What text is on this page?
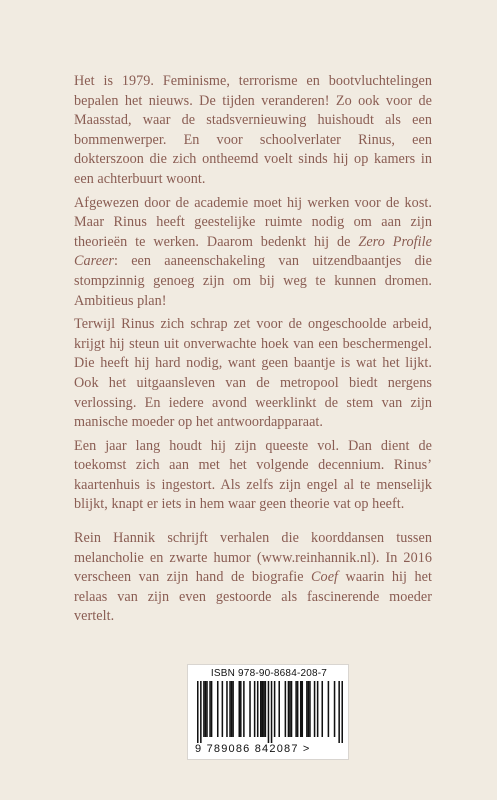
Het is 1979. Feminisme, terrorisme en bootvluchtelingen bepalen het nieuws. De tijden veranderen! Zo ook voor de Maasstad, waar de stadsvernieuwing huishoudt als een bommenwerper. En voor schoolverlater Rinus, een dokterszoon die zich ontheemd voelt sinds hij op kamers in een achterbuurt woont.

Afgewezen door de academie moet hij werken voor de kost. Maar Rinus heeft geestelijke ruimte nodig om aan zijn theorieën te werken. Daarom bedenkt hij de Zero Profile Career: een aaneenschakeling van uitzendbaantjes die stompzinnig genoeg zijn om bij weg te kunnen dromen. Ambitieus plan!

Terwijl Rinus zich schrap zet voor de ongeschoolde arbeid, krijgt hij steun uit onverwachte hoek van een beschermengel. Die heeft hij hard nodig, want geen baantje is wat het lijkt. Ook het uitgaansleven van de metropool biedt nergens verlossing. En iedere avond weerklinkt de stem van zijn manische moeder op het antwoordapparaat.

Een jaar lang houdt hij zijn queeste vol. Dan dient de toekomst zich aan met het volgende decennium. Rinus’ kaartenhuis is ingestort. Als zelfs zijn engel al te menselijk blijkt, knapt er iets in hem waar geen theorie vat op heeft.

Rein Hannik schrijft verhalen die koorddansen tussen melancholie en zwarte humor (www.reinhannik.nl). In 2016 verscheen van zijn hand de biografie Coef waarin hij het relaas van zijn even gestoorde als fascinerende moeder vertelt.

ISBN 978-90-8684-208-7
9 789086 842087 >
